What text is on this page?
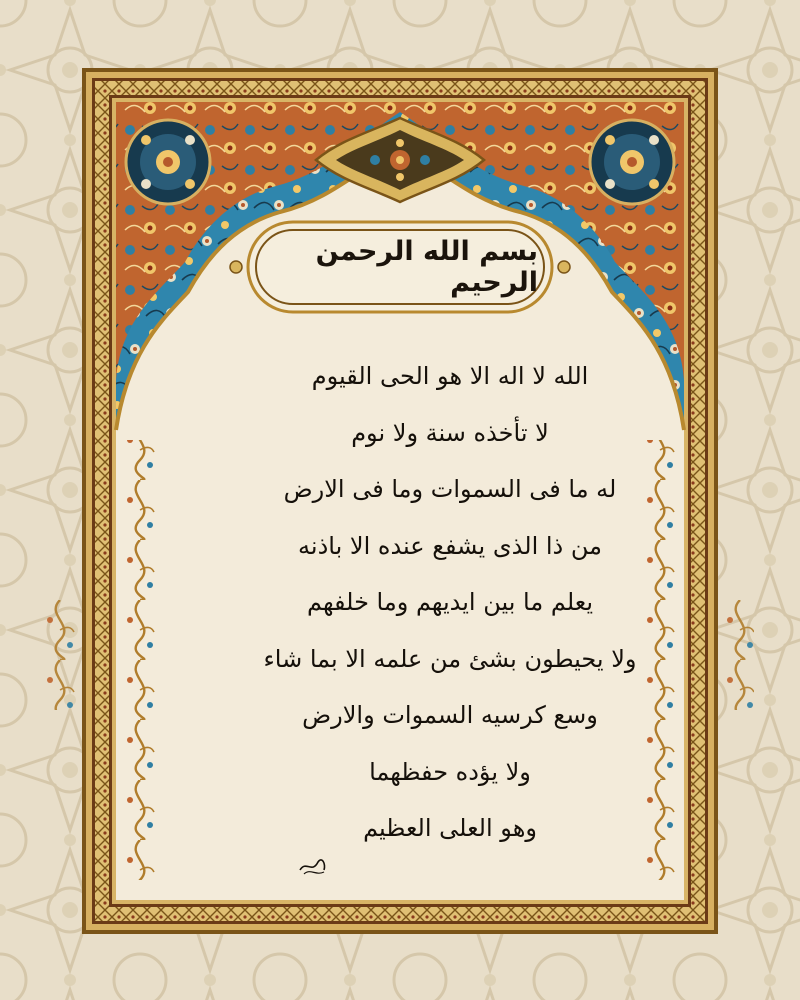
بسم الله الرحمن الرحيم
الله لا اله الا هو الحى القيوم
لا تأخذه سنة ولا نوم
له ما فى السموات وما فى الارض
من ذا الذى يشفع عنده الا باذنه
يعلم ما بين ايديهم وما خلفهم
ولا يحيطون بشئ من علمه الا بما شاء
وسع كرسيه السموات والارض
ولا يؤده حفظهما
وهو العلى العظيم
